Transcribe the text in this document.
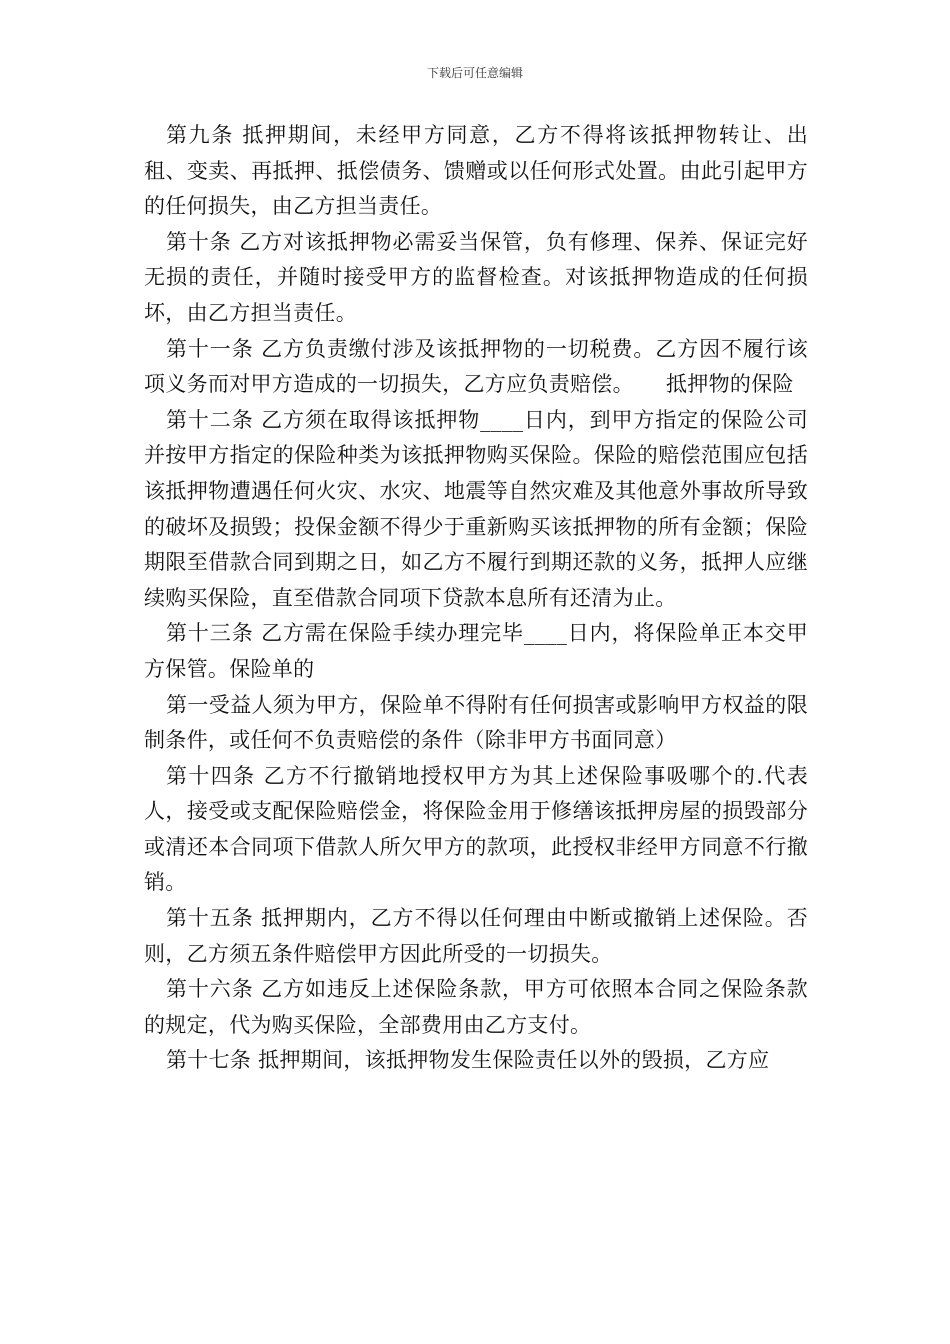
下载后可任意编辑

第九条 抵押期间，未经甲方同意，乙方不得将该抵押物转让、出租、变卖、再抵押、抵偿债务、馈赠或以任何形式处置。由此引起甲方的任何损失，由乙方担当责任。

第十条 乙方对该抵押物必需妥当保管，负有修理、保养、保证完好无损的责任，并随时接受甲方的监督检查。对该抵押物造成的任何损坏，由乙方担当责任。

第十一条 乙方负责缴付涉及该抵押物的一切税费。乙方因不履行该项义务而对甲方造成的一切损失，乙方应负责赔偿。　　抵押物的保险

第十二条 乙方须在取得该抵押物____日内，到甲方指定的保险公司并按甲方指定的保险种类为该抵押物购买保险。保险的赔偿范围应包括该抵押物遭遇任何火灾、水灾、地震等自然灾难及其他意外事故所导致的破坏及损毁；投保金额不得少于重新购买该抵押物的所有金额；保险期限至借款合同到期之日，如乙方不履行到期还款的义务，抵押人应继续购买保险，直至借款合同项下贷款本息所有还清为止。

第十三条 乙方需在保险手续办理完毕____日内，将保险单正本交甲方保管。保险单的

第一受益人须为甲方，保险单不得附有任何损害或影响甲方权益的限制条件，或任何不负责赔偿的条件（除非甲方书面同意）

第十四条 乙方不行撤销地授权甲方为其上述保险事吸哪个的.代表人，接受或支配保险赔偿金，将保险金用于修缮该抵押房屋的损毁部分或清还本合同项下借款人所欠甲方的款项，此授权非经甲方同意不行撤销。

第十五条 抵押期内，乙方不得以任何理由中断或撤销上述保险。否则，乙方须五条件赔偿甲方因此所受的一切损失。

第十六条 乙方如违反上述保险条款，甲方可依照本合同之保险条款的规定，代为购买保险，全部费用由乙方支付。

第十七条 抵押期间，该抵押物发生保险责任以外的毁损，乙方应
